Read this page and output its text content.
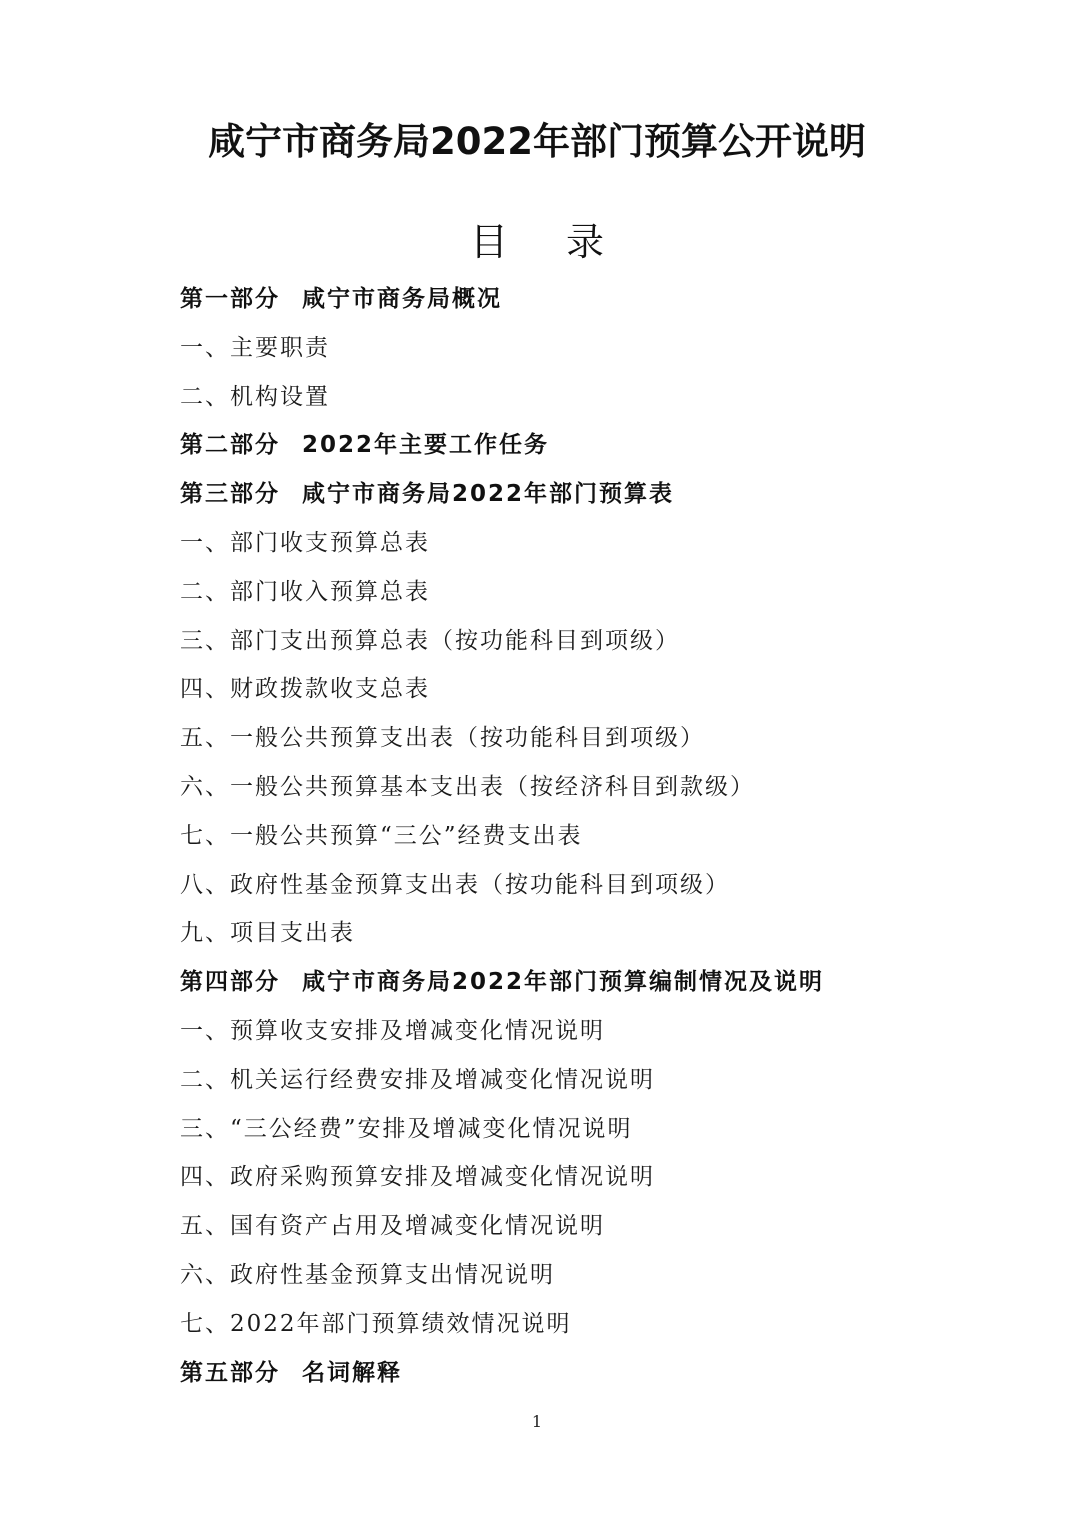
咸宁市商务局2022年部门预算公开说明
目 录
第一部分 咸宁市商务局概况
一、主要职责
二、机构设置
第二部分 2022年主要工作任务
第三部分 咸宁市商务局2022年部门预算表
一、部门收支预算总表
二、部门收入预算总表
三、部门支出预算总表（按功能科目到项级）
四、财政拨款收支总表
五、一般公共预算支出表（按功能科目到项级）
六、一般公共预算基本支出表（按经济科目到款级）
七、一般公共预算“三公”经费支出表
八、政府性基金预算支出表（按功能科目到项级）
九、项目支出表
第四部分 咸宁市商务局2022年部门预算编制情况及说明
一、预算收支安排及增减变化情况说明
二、机关运行经费安排及增减变化情况说明
三、“三公经费”安排及增减变化情况说明
四、政府采购预算安排及增减变化情况说明
五、国有资产占用及增减变化情况说明
六、政府性基金预算支出情况说明
七、2022年部门预算绩效情况说明
第五部分 名词解释
1
